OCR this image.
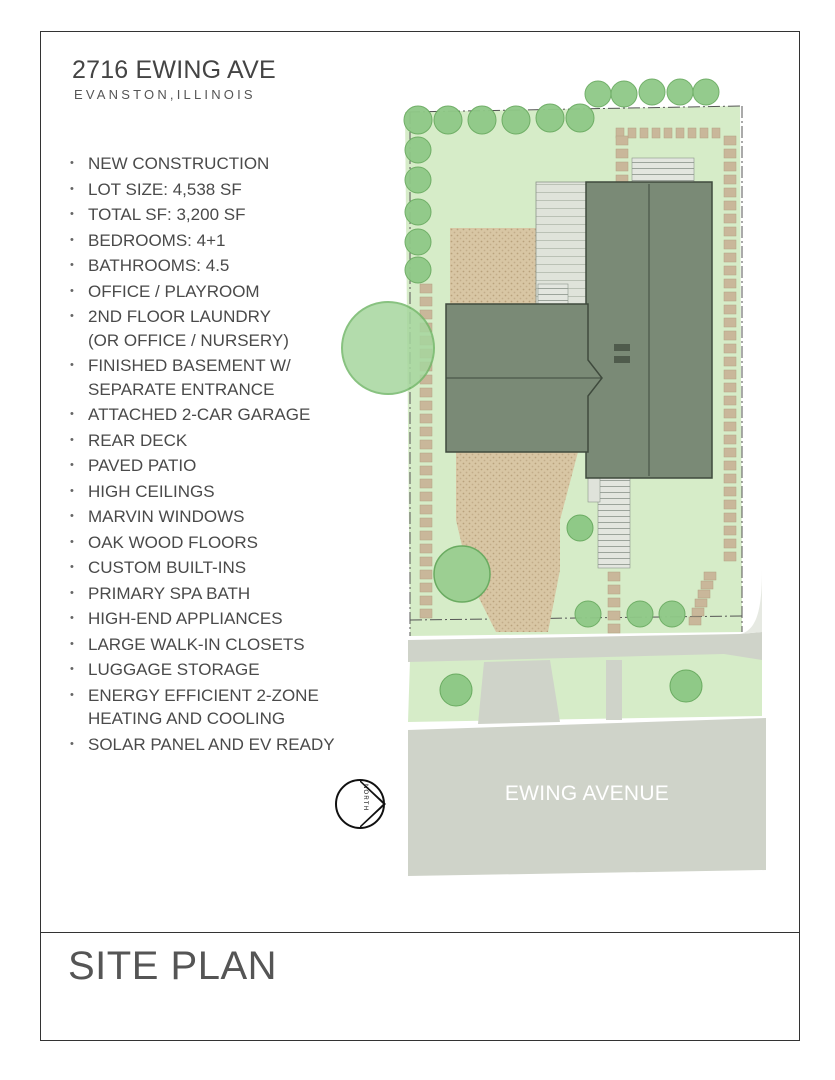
2716 EWING AVE
EVANSTON,ILLINOIS
• NEW CONSTRUCTION
• LOT SIZE: 4,538 SF
• TOTAL SF: 3,200 SF
• BEDROOMS: 4+1
• BATHROOMS: 4.5
• OFFICE / PLAYROOM
• 2ND FLOOR LAUNDRY
(OR OFFICE / NURSERY)
• FINISHED BASEMENT W/
SEPARATE ENTRANCE
• ATTACHED 2-CAR GARAGE
• REAR DECK
• PAVED PATIO
• HIGH CEILINGS
• MARVIN WINDOWS
• OAK WOOD FLOORS
• CUSTOM BUILT-INS
• PRIMARY SPA BATH
• HIGH-END APPLIANCES
• LARGE WALK-IN CLOSETS
• LUGGAGE STORAGE
• ENERGY EFFICIENT 2-ZONE
HEATING AND COOLING
• SOLAR PANEL AND EV READY
NORTH	EWING AVENUE
SITE PLAN
